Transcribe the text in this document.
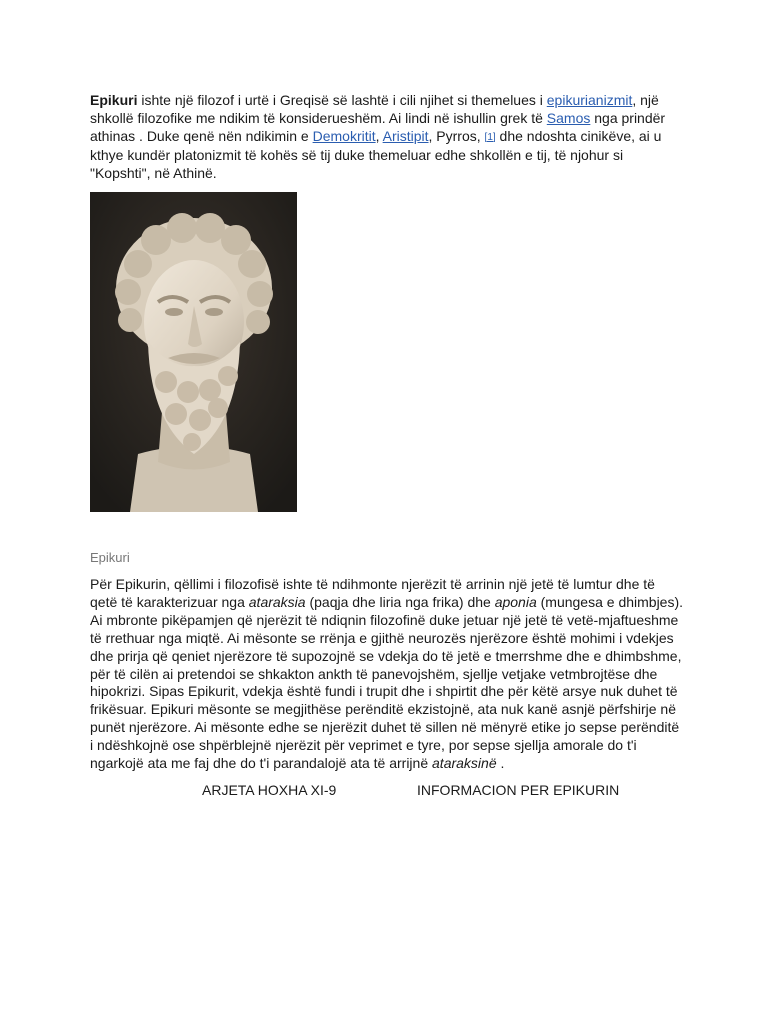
Epikuri ishte një filozof i urtë i Greqisë së lashtë i cili njihet si themelues i epikurianizmit, një shkollë filozofike me ndikim të konsiderueshëm. Ai lindi në ishullin grek të Samos nga prindër athinas . Duke qenë nën ndikimin e Demokritit, Aristipit, Pyrros, [1] dhe ndoshta cinikëve, ai u kthye kundër platonizmit të kohës së tij duke themeluar edhe shkollën e tij, të njohur si "Kopshti", në Athinë.

Epikuri

Për Epikurin, qëllimi i filozofisë ishte të ndihmonte njerëzit të arrinin një jetë të lumtur dhe të qetë të karakterizuar nga ataraksia (paqja dhe liria nga frika) dhe aponia (mungesa e dhimbjes). Ai mbronte pikëpamjen që njerëzit të ndiqnin filozofinë duke jetuar një jetë të vetë-mjaftueshme të rrethuar nga miqtë. Ai mësonte se rrënja e gjithë neurozës njerëzore është mohimi i vdekjes dhe prirja që qeniet njerëzore të supozojnë se vdekja do të jetë e tmerrshme dhe e dhimbshme, për të cilën ai pretendoi se shkakton ankth të panevojshëm, sjellje vetjake vetmbrojtëse dhe hipokrizi. Sipas Epikurit, vdekja është fundi i trupit dhe i shpirtit dhe për këtë arsye nuk duhet të frikësuar. Epikuri mësonte se megjithëse perënditë ekzistojnë, ata nuk kanë asnjë përfshirje në punët njerëzore. Ai mësonte edhe se njerëzit duhet të sillen në mënyrë etike jo sepse perënditë i ndëshkojnë ose shpërblejnë njerëzit për veprimet e tyre, por sepse sjellja amorale do t'i ngarkojë ata me faj dhe do t'i parandalojë ata të arrijnë ataraksinë .

ARJETA HOXHA XI-9	INFORMACION PER EPIKURIN
